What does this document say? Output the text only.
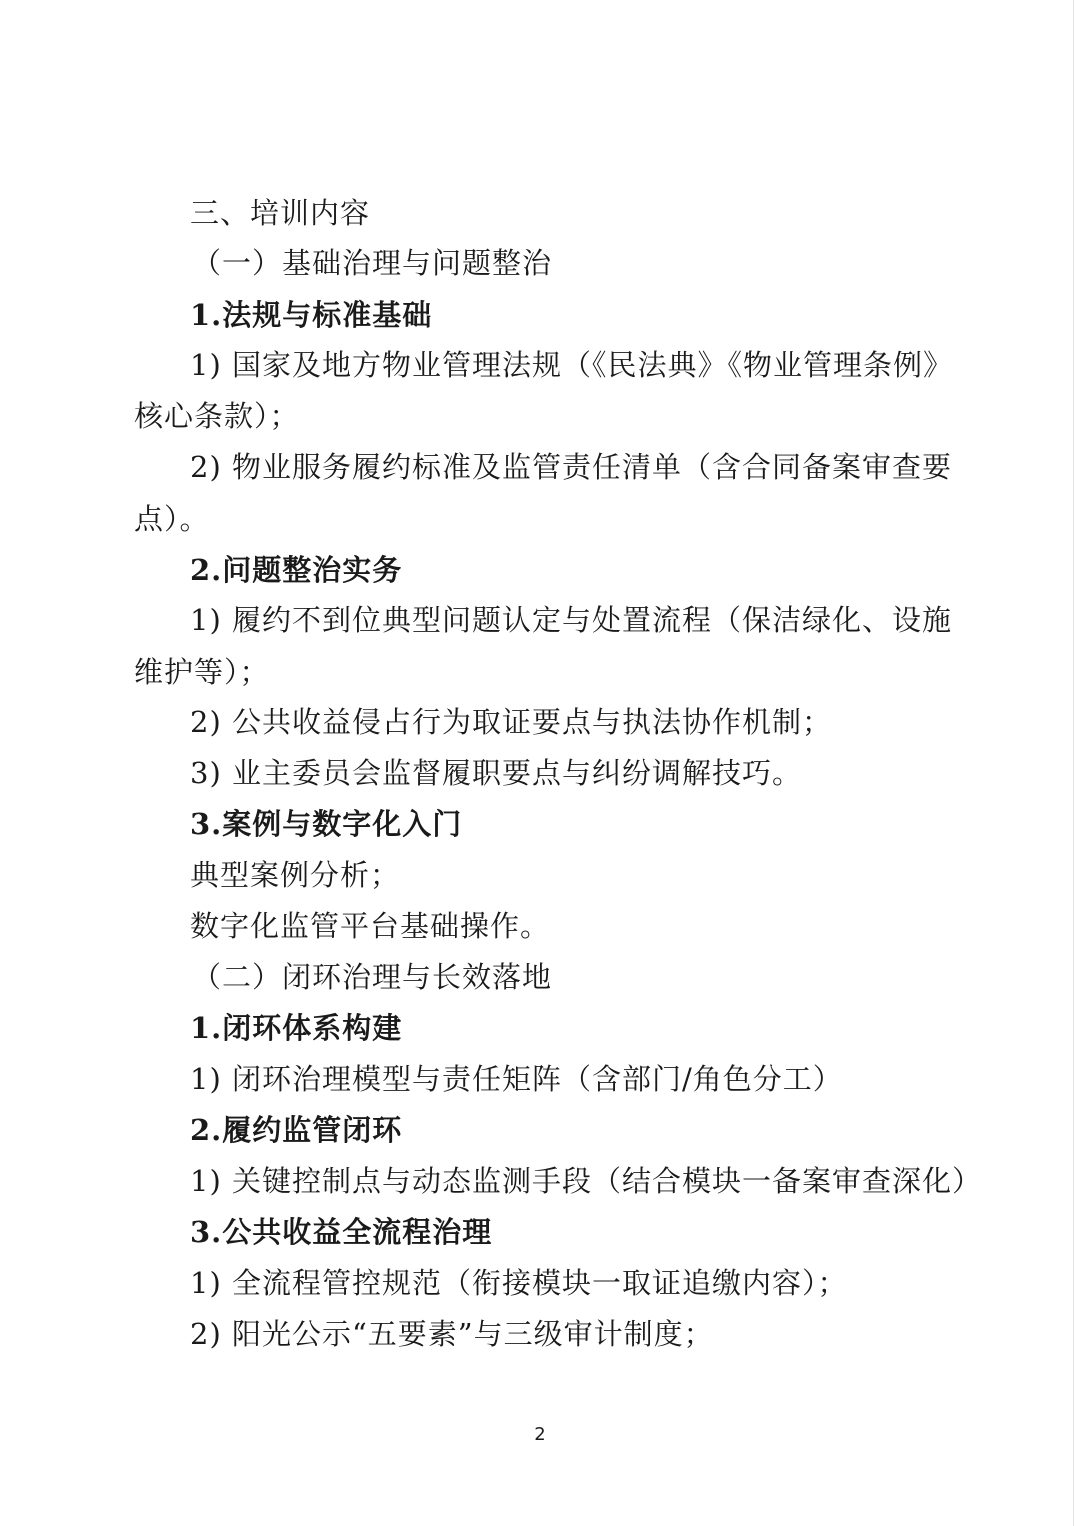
三、培训内容
（一）基础治理与问题整治
1.法规与标准基础
1) 国家及地方物业管理法规（《民法典》《物业管理条例》
核心条款）；
2) 物业服务履约标准及监管责任清单（含合同备案审查要
点）。
2.问题整治实务
1) 履约不到位典型问题认定与处置流程（保洁绿化、设施
维护等）；
2) 公共收益侵占行为取证要点与执法协作机制；
3) 业主委员会监督履职要点与纠纷调解技巧。
3.案例与数字化入门
典型案例分析；
数字化监管平台基础操作。
（二）闭环治理与长效落地
1.闭环体系构建
1) 闭环治理模型与责任矩阵（含部门/角色分工）
2.履约监管闭环
1) 关键控制点与动态监测手段（结合模块一备案审查深化）
3.公共收益全流程治理
1) 全流程管控规范（衔接模块一取证追缴内容）；
2) 阳光公示“五要素”与三级审计制度；
2
